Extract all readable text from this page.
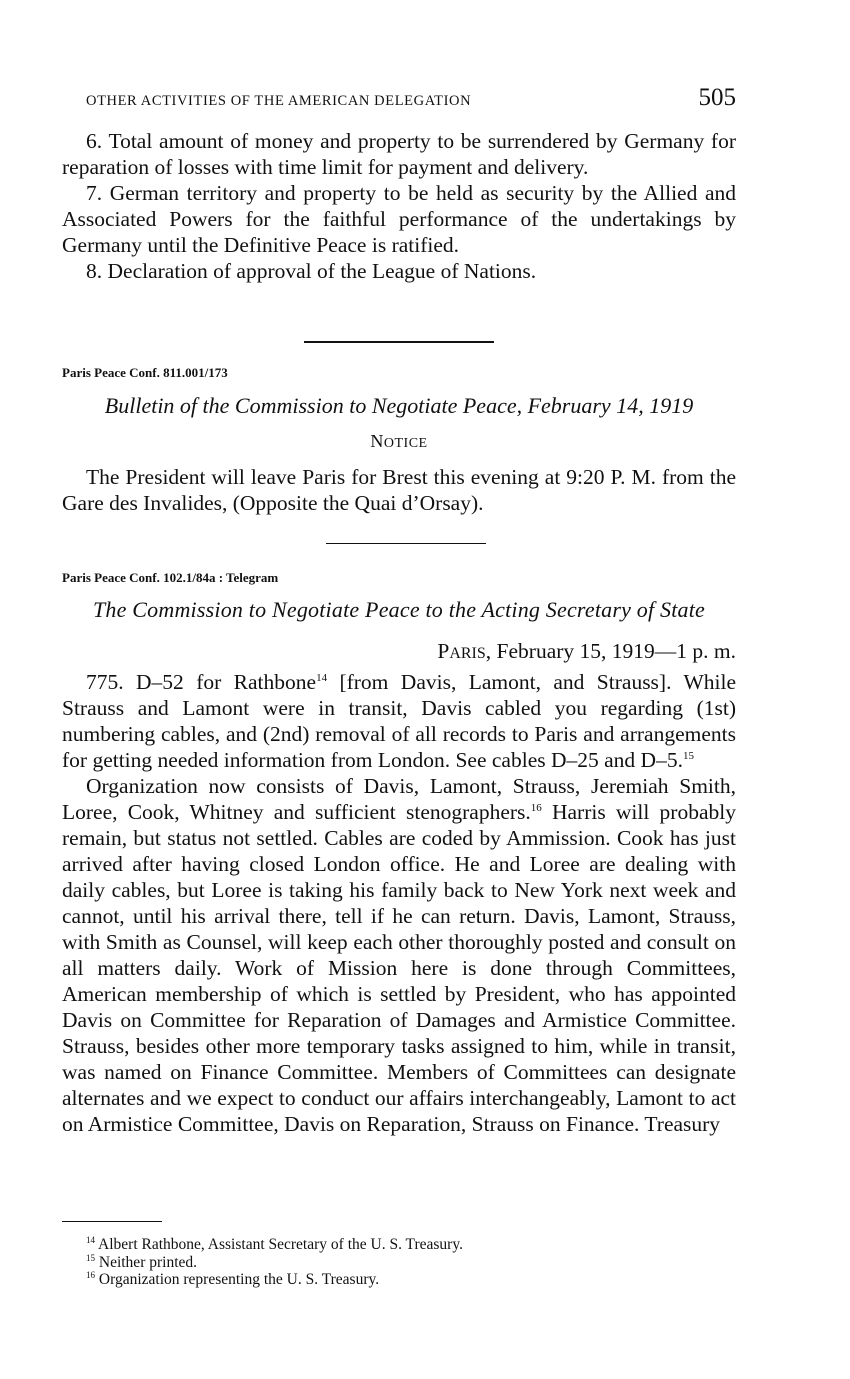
OTHER ACTIVITIES OF THE AMERICAN DELEGATION	505

6. Total amount of money and property to be surrendered by Germany for reparation of losses with time limit for payment and delivery.

7. German territory and property to be held as security by the Allied and Associated Powers for the faithful performance of the undertakings by Germany until the Definitive Peace is ratified.

8. Declaration of approval of the League of Nations.

Paris Peace Conf. 811.001/173
Bulletin of the Commission to Negotiate Peace, February 14, 1919
NOTICE

The President will leave Paris for Brest this evening at 9:20 P. M. from the Gare des Invalides, (Opposite the Quai d’Orsay).

Paris Peace Conf. 102.1/84a : Telegram
The Commission to Negotiate Peace to the Acting Secretary of State
PARIS, February 15, 1919—1 p. m.

775. D–52 for Rathbone$^{14}$ [from Davis, Lamont, and Strauss]. While Strauss and Lamont were in transit, Davis cabled you regarding (1st) numbering cables, and (2nd) removal of all records to Paris and arrangements for getting needed information from London. See cables D–25 and D–5.15

Organization now consists of Davis, Lamont, Strauss, Jeremiah Smith, Loree, Cook, Whitney and sufficient stenographers.$^{16}$ Harris will probably remain, but status not settled. Cables are coded by Ammission. Cook has just arrived after having closed London office. He and Loree are dealing with daily cables, but Loree is taking his family back to New York next week and cannot, until his arrival there, tell if he can return. Davis, Lamont, Strauss, with Smith as Counsel, will keep each other thoroughly posted and consult on all matters daily. Work of Mission here is done through Committees, American membership of which is settled by President, who has appointed Davis on Committee for Reparation of Damages and Armistice Committee. Strauss, besides other more temporary tasks assigned to him, while in transit, was named on Finance Committee. Members of Committees can designate alternates and we expect to conduct our affairs interchangeably, Lamont to act on Armistice Committee, Davis on Reparation, Strauss on Finance. Treasury

$^{14}$ Albert Rathbone, Assistant Secretary of the U. S. Treasury.
$^{15}$ Neither printed.
$^{16}$ Organization representing the U. S. Treasury.
